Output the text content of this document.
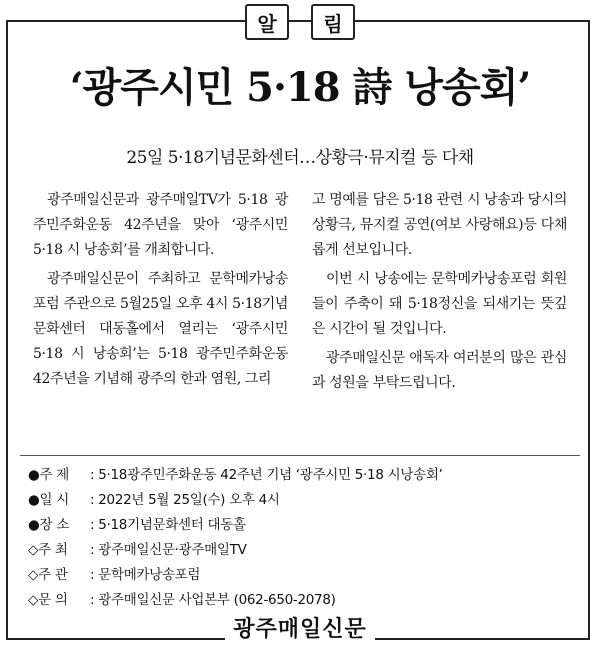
알	림
‘광주시민 5·18 詩 낭송회’
25일 5·18기념문화센터…상황극·뮤지컬 등 다채

광주매일신문과 광주매일TV가 5·18 광주민주화운동 42주년을 맞아 ‘광주시민 5·18 시 낭송회’를 개최합니다.

광주매일신문이 주최하고 문학메카낭송포럼 주관으로 5월25일 오후 4시 5·18기념문화센터 대동홀에서 열리는 ‘광주시민 5·18 시 낭송회’는 5·18 광주민주화운동 42주년을 기념해 광주의 한과 염원, 그리

고 명예를 담은 5·18 관련 시 낭송과 당시의 상황극, 뮤지컬 공연(여보 사랑해요)등 다채롭게 선보입니다.

이번 시 낭송에는 문학메카낭송포럼 회원들이 주축이 돼 5·18정신을 되새기는 뜻깊은 시간이 될 것입니다.

광주매일신문 애독자 여러분의 많은 관심과 성원을 부탁드립니다.

●주 제	: 5·18광주민주화운동 42주년 기념 ‘광주시민 5·18 시낭송회’
●일 시	: 2022년 5월 25일(수) 오후 4시
●장 소	: 5·18기념문화센터 대동홀
◇주 최	: 광주매일신문·광주매일TV
◇주 관	: 문학메카낭송포럼
◇문 의	: 광주매일신문 사업본부 (062-650-2078)
광주매일신문
